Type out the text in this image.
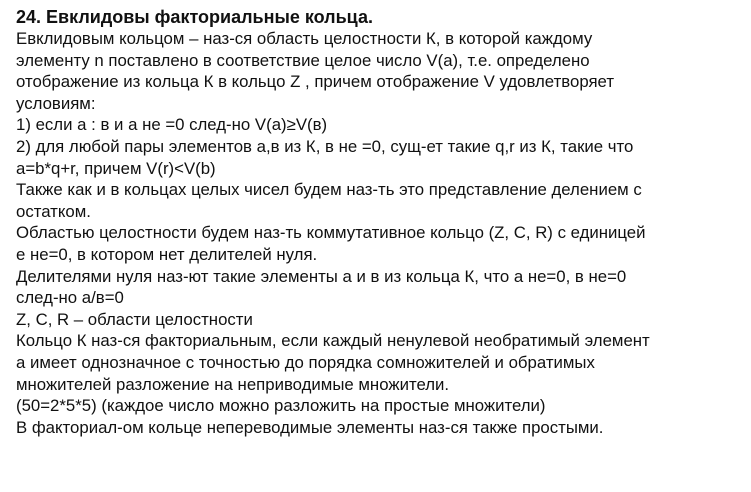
24. Евклидовы факториальные кольца.
Евклидовым кольцом – наз-ся область целостности К, в которой каждому
элементу n поставлено в соответствие целое число V(a), т.е. определено
отображение из кольца К в кольцо Z , причем отображение V удовлетворяет
условиям:
1) если а : в и а не =0 след-но V(а)≥V(в)
2) для любой пары элементов а,в из К, в не =0, сущ-ет такие q,r из К, такие что
a=b*q+r, причем V(r)<V(b)
Также как и в кольцах целых чисел будем наз-ть это представление делением с
остатком.
Областью целостности будем наз-ть коммутативное кольцо (Z, C, R) с единицей
е не=0, в котором нет делителей нуля.
Делителями нуля наз-ют такие элементы а и в из кольца К, что а не=0, в не=0
след-но а/в=0
Z, C, R – области целостности
Кольцо К наз-ся факториальным, если каждый ненулевой необратимый элемент
а имеет однозначное с точностью до порядка сомножителей и обратимых
множителей разложение на неприводимые множители.
(50=2*5*5) (каждое число можно разложить на простые множители)
В факториал-ом кольце непереводимые элементы наз-ся также простыми.
